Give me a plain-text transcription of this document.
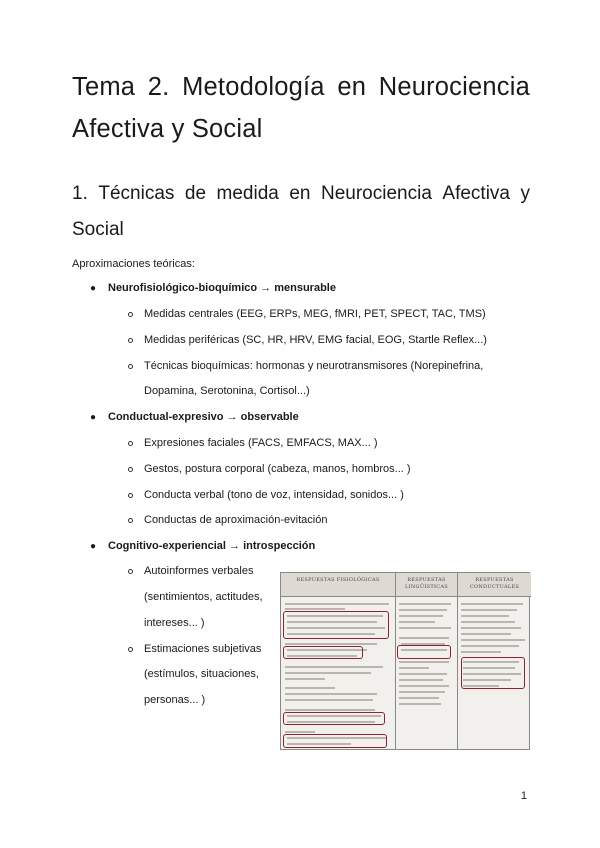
Tema 2. Metodología en Neurociencia
Afectiva y Social
1. Técnicas de medida en Neurociencia Afectiva y
Social
Aproximaciones teóricas:
● Neurofisiológico-bioquímico → mensurable
Medidas centrales (EEG, ERPs, MEG, fMRI, PET, SPECT, TAC, TMS)
Medidas periféricas (SC, HR, HRV, EMG facial, EOG, Startle Reflex...)
Técnicas bioquímicas: hormonas y neurotransmisores (Norepinefrina,
Dopamina, Serotonina, Cortisol...)
● Conductual-expresivo → observable
Expresiones faciales (FACS, EMFACS, MAX... )
Gestos, postura corporal (cabeza, manos, hombros... )
Conducta verbal (tono de voz, intensidad, sonidos... )
Conductas de aproximación-evitación
● Cognitivo-experiencial → introspección
Autoinformes verbales
(sentimientos, actitudes,
intereses... )
Estimaciones subjetivas
(estímulos, situaciones,
personas... )
RESPUESTAS FISIOLÓGICAS	RESPUESTAS LINGÜÍSTICAS
RESPUESTAS CONDUCTUALES
1
